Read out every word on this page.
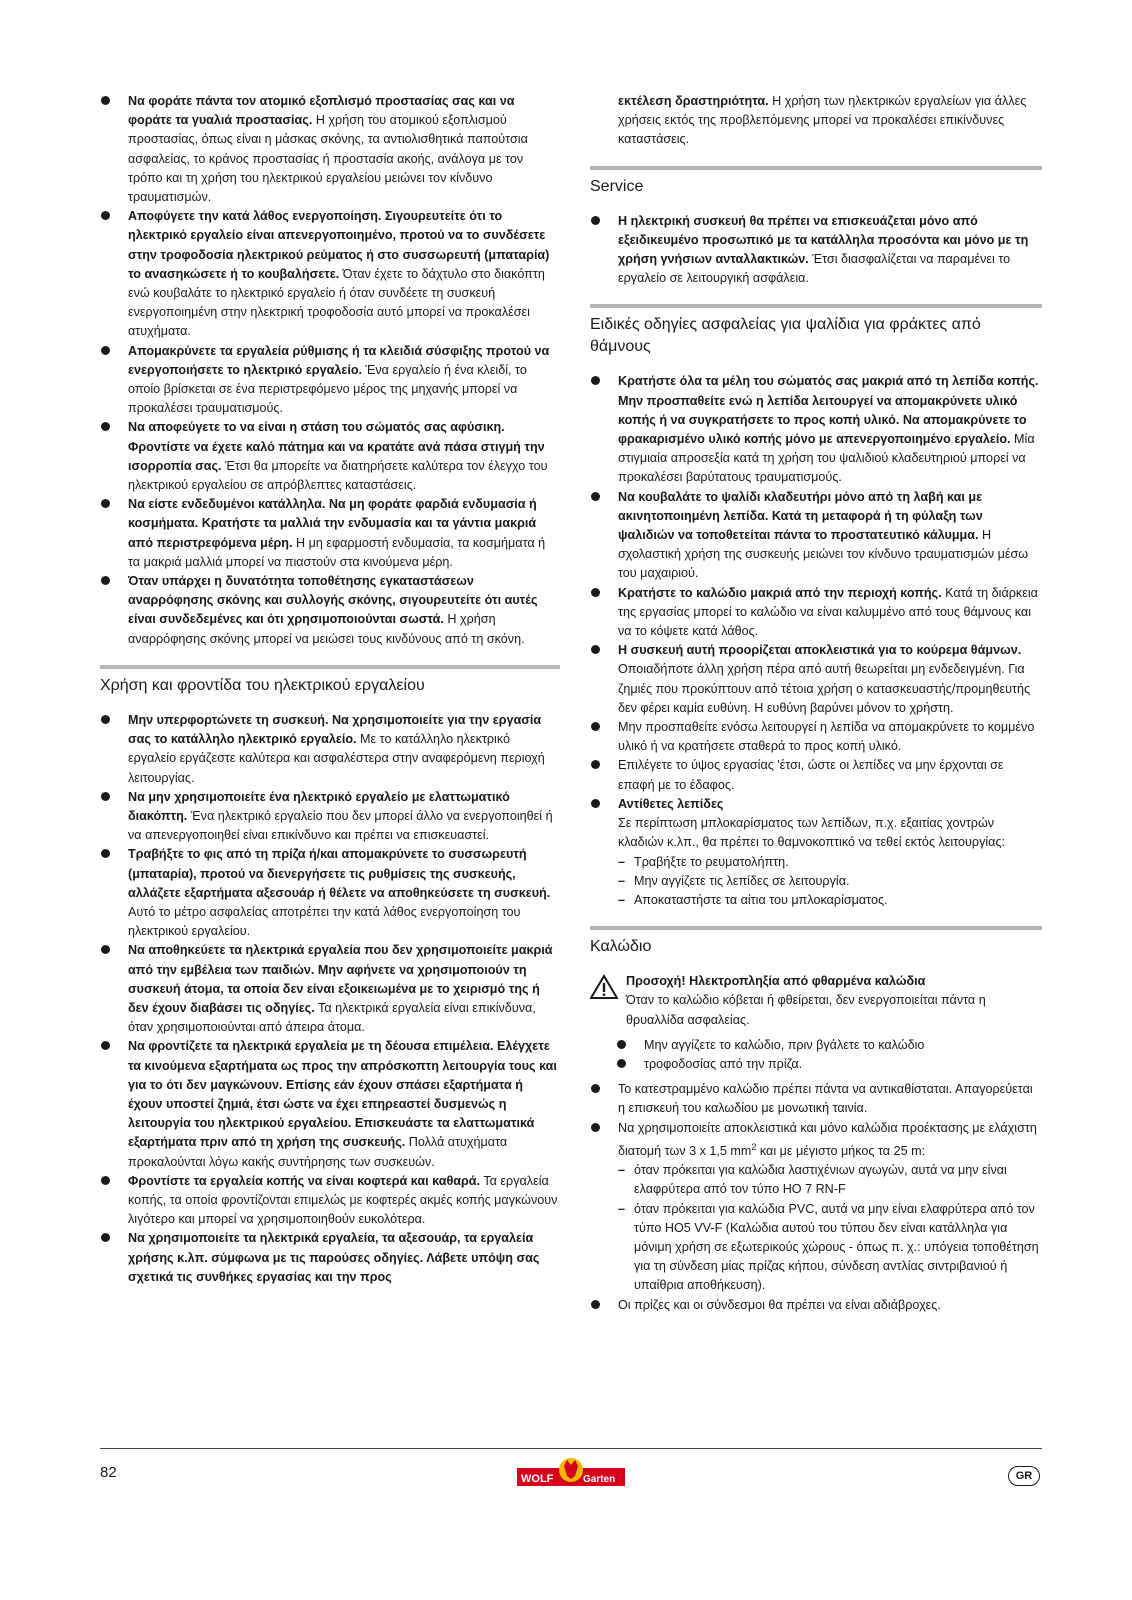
Να φοράτε πάντα τον ατομικό εξοπλισμό προστασίας σας και να φοράτε τα γυαλιά προστασίας. Η χρήση του ατομικού εξοπλισμού προστασίας, όπως είναι η μάσκας σκόνης, τα αντιολισθητικά παπούτσια ασφαλείας, το κράνος προστασίας ή προστασία ακοής, ανάλογα με τον τρόπο και τη χρήση του ηλεκτρικού εργαλείου μειώνει τον κίνδυνο τραυματισμών.

Αποφύγετε την κατά λάθος ενεργοποίηση. Σιγουρευτείτε ότι το ηλεκτρικό εργαλείο είναι απενεργοποιημένο, προτού να το συνδέσετε στην τροφοδοσία ηλεκτρικού ρεύματος ή στο συσσωρευτή (μπαταρία) το ανασηκώσετε ή το κουβαλήσετε. Όταν έχετε το δάχτυλο στο διακόπτη ενώ κουβαλάτε το ηλεκτρικό εργαλείο ή όταν συνδέετε τη συσκευή ενεργοποιημένη στην ηλεκτρική τροφοδοσία αυτό μπορεί να προκαλέσει ατυχήματα.

Απομακρύνετε τα εργαλεία ρύθμισης ή τα κλειδιά σύσφιξης προτού να ενεργοποιήσετε το ηλεκτρικό εργαλείο. Ένα εργαλείο ή ένα κλειδί, το οποίο βρίσκεται σε ένα περιστρεφόμενο μέρος της μηχανής μπορεί να προκαλέσει τραυματισμούς.

Να αποφεύγετε το να είναι η στάση του σώματός σας αφύσικη. Φροντίστε να έχετε καλό πάτημα και να κρατάτε ανά πάσα στιγμή την ισορροπία σας. Έτσι θα μπορείτε να διατηρήσετε καλύτερα τον έλεγχο του ηλεκτρικού εργαλείου σε απρόβλεπτες καταστάσεις.

Να είστε ενδεδυμένοι κατάλληλα. Να μη φοράτε φαρδιά ενδυμασία ή κοσμήματα. Κρατήστε τα μαλλιά την ενδυμασία και τα γάντια μακριά από περιστρεφόμενα μέρη. Η μη εφαρμοστή ενδυμασία, τα κοσμήματα ή τα μακριά μαλλιά μπορεί να πιαστούν στα κινούμενα μέρη.

Όταν υπάρχει η δυνατότητα τοποθέτησης εγκαταστάσεων αναρρόφησης σκόνης και συλλογής σκόνης, σιγουρευτείτε ότι αυτές είναι συνδεδεμένες και ότι χρησιμοποιούνται σωστά. Η χρήση αναρρόφησης σκόνης μπορεί να μειώσει τους κινδύνους από τη σκόνη.

Χρήση και φροντίδα του ηλεκτρικού εργαλείου

Μην υπερφορτώνετε τη συσκευή. Να χρησιμοποιείτε για την εργασία σας το κατάλληλο ηλεκτρικό εργαλείο. Με το κατάλληλο ηλεκτρικό εργαλείο εργάζεστε καλύτερα και ασφαλέστερα στην αναφερόμενη περιοχή λειτουργίας.

Να μην χρησιμοποιείτε ένα ηλεκτρικό εργαλείο με ελαττωματικό διακόπτη. Ένα ηλεκτρικό εργαλείο που δεν μπορεί άλλο να ενεργοποιηθεί ή να απενεργοποιηθεί είναι επικίνδυνο και πρέπει να επισκευαστεί.

Τραβήξτε το φις από τη πρίζα ή/και απομακρύνετε το συσσωρευτή (μπαταρία), προτού να διενεργήσετε τις ρυθμίσεις της συσκευής, αλλάζετε εξαρτήματα αξεσουάρ ή θέλετε να αποθηκεύσετε τη συσκευή. Αυτό το μέτρο ασφαλείας αποτρέπει την κατά λάθος ενεργοποίηση του ηλεκτρικού εργαλείου.

Να αποθηκεύετε τα ηλεκτρικά εργαλεία που δεν χρησιμοποιείτε μακριά από την εμβέλεια των παιδιών. Μην αφήνετε να χρησιμοποιούν τη συσκευή άτομα, τα οποία δεν είναι εξοικειωμένα με το χειρισμό της ή δεν έχουν διαβάσει τις οδηγίες. Τα ηλεκτρικά εργαλεία είναι επικίνδυνα, όταν χρησιμοποιούνται από άπειρα άτομα.

Να φροντίζετε τα ηλεκτρικά εργαλεία με τη δέουσα επιμέλεια. Ελέγχετε τα κινούμενα εξαρτήματα ως προς την απρόσκοπτη λειτουργία τους και για το ότι δεν μαγκώνουν. Επίσης εάν έχουν σπάσει εξαρτήματα ή έχουν υποστεί ζημιά, έτσι ώστε να έχει επηρεαστεί δυσμενώς η λειτουργία του ηλεκτρικού εργαλείου. Επισκευάστε τα ελαττωματικά εξαρτήματα πριν από τη χρήση της συσκευής. Πολλά ατυχήματα προκαλούνται λόγω κακής συντήρησης των συσκευών.

Φροντίστε τα εργαλεία κοπής να είναι κοφτερά και καθαρά. Τα εργαλεία κοπής, τα οποία φροντίζονται επιμελώς με κοφτερές ακμές κοπής μαγκώνουν λιγότερο και μπορεί να χρησιμοποιηθούν ευκολότερα.

Να χρησιμοποιείτε τα ηλεκτρικά εργαλεία, τα αξεσουάρ, τα εργαλεία χρήσης κ.λπ. σύμφωνα με τις παρούσες οδηγίες. Λάβετε υπόψη σας σχετικά τις συνθήκες εργασίας και την προς

εκτέλεση δραστηριότητα. Η χρήση των ηλεκτρικών εργαλείων για άλλες χρήσεις εκτός της προβλεπόμενης μπορεί να προκαλέσει επικίνδυνες καταστάσεις.

Service

Η ηλεκτρική συσκευή θα πρέπει να επισκευάζεται μόνο από εξειδικευμένο προσωπικό με τα κατάλληλα προσόντα και μόνο με τη χρήση γνήσιων ανταλλακτικών. Έτσι διασφαλίζεται να παραμένει το εργαλείο σε λειτουργική ασφάλεια.

Ειδικές οδηγίες ασφαλείας για ψαλίδια για φράκτες από θάμνους

Κρατήστε όλα τα μέλη του σώματός σας μακριά από τη λεπίδα κοπής. Μην προσπαθείτε ενώ η λεπίδα λειτουργεί να απομακρύνετε υλικό κοπής ή να συγκρατήσετε το προς κοπή υλικό. Να απομακρύνετε το φρακαρισμένο υλικό κοπής μόνο με απενεργοποιημένο εργαλείο. Μία στιγμιαία απροσεξία κατά τη χρήση του ψαλιδιού κλαδευτηριού μπορεί να προκαλέσει βαρύτατους τραυματισμούς.

Να κουβαλάτε το ψαλίδι κλαδευτήρι μόνο από τη λαβή και με ακινητοποιημένη λεπίδα. Κατά τη μεταφορά ή τη φύλαξη των ψαλιδιών να τοποθετείται πάντα το προστατευτικό κάλυμμα. Η σχολαστική χρήση της συσκευής μειώνει τον κίνδυνο τραυματισμών μέσω του μαχαιριού.

Κρατήστε το καλώδιο μακριά από την περιοχή κοπής. Κατά τη διάρκεια της εργασίας μπορεί το καλώδιο να είναι καλυμμένο από τους θάμνους και να το κόψετε κατά λάθος.

Η συσκευή αυτή προορίζεται αποκλειστικά για το κούρεμα θάμνων. Οποιαδήποτε άλλη χρήση πέρα από αυτή θεωρείται μη ενδεδειγμένη. Για ζημιές που προκύπτουν από τέτοια χρήση ο κατασκευαστής/προμηθευτής δεν φέρει καμία ευθύνη. Η ευθύνη βαρύνει μόνον το χρήστη.

Μην προσπαθείτε ενόσω λειτουργεί η λεπίδα να απομακρύνετε το κομμένο υλικό ή να κρατήσετε σταθερά το προς κοπή υλικό.

Επιλέγετε το ύψος εργασίας 'έτσι, ώστε οι λεπίδες να μην έρχονται σε επαφή με το έδαφος.

Αντίθετες λεπίδες
Σε περίπτωση μπλοκαρίσματος των λεπίδων, π.χ. εξαιτίας χοντρών κλαδιών κ.λπ., θα πρέπει το θαμνοκοπτικό να τεθεί εκτός λειτουργίας:

– Τραβήξτε το ρευματολήπτη.
– Μην αγγίζετε τις λεπίδες σε λειτουργία.
– Αποκαταστήστε τα αίτια του μπλοκαρίσματος.
Καλώδιο
Προσοχή! Ηλεκτροπληξία από φθαρμένα καλώδια
Όταν το καλώδιο κόβεται ή φθείρεται, δεν ενεργοποιείται πάντα η θρυαλλίδα ασφαλείας.
Μην αγγίζετε το καλώδιο, πριν βγάλετε το καλώδιο
τροφοδοσίας από την πρίζα.

Το κατεστραμμένο καλώδιο πρέπει πάντα να αντικαθίσταται. Απαγορεύεται η επισκευή του καλωδίου με μονωτική ταινία.

Να χρησιμοποιείτε αποκλειστικά και μόνο καλώδια προέκτασης με ελάχιστη διατομή των 3 x 1,5 $mm^2$ και με μέγιστο μήκος τα 25 m:

– όταν πρόκειται για καλώδια λαστιχένιων αγωγών, αυτά να μην είναι ελαφρύτερα από τον τύπο HO 7 RN-F
– όταν πρόκειται για καλώδια PVC, αυτά να μην είναι ελαφρύτερα από τον τύπο HO5 VV-F (Καλώδια αυτού του τύπου δεν είναι κατάλληλα για μόνιμη χρήση σε εξωτερικούς χώρους - όπως π. χ.: υπόγεια τοποθέτηση για τη σύνδεση μίας πρίζας κήπου, σύνδεση αντλίας σιντριβανιού ή υπαίθρια αποθήκευση).

Οι πρίζες και οι σύνδεσμοι θα πρέπει να είναι αδιάβροχες.

82	WOLF	Garten	GR
